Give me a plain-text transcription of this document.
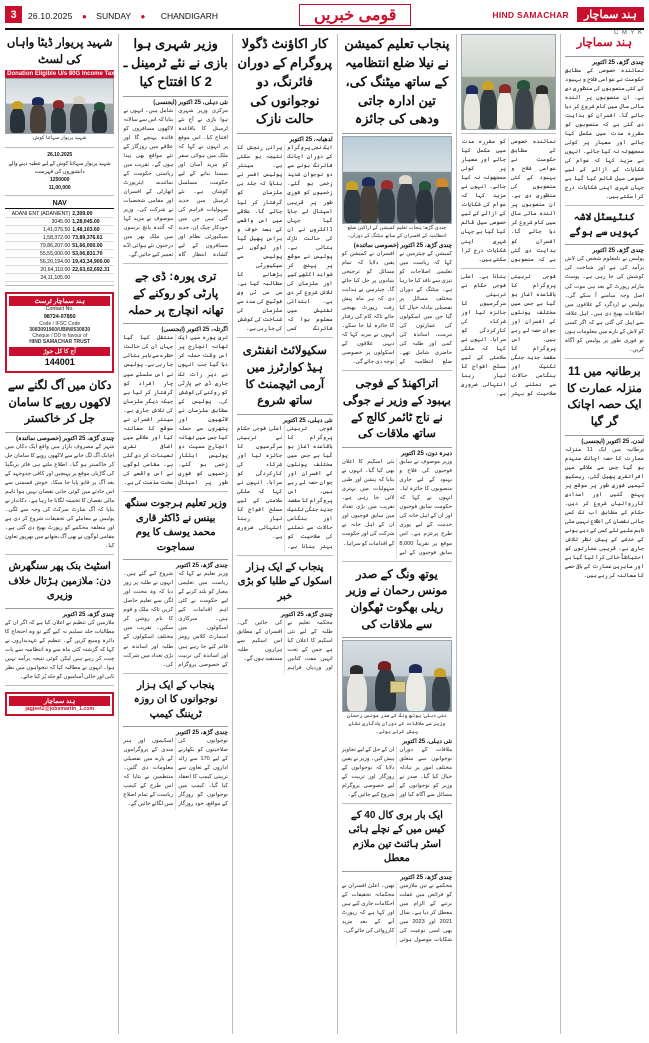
3	26.10.2025 ● SUNDAY ● CHANDIGARH	قومی خبریں	HIND SAMACHAR	ہند سماچار
C M Y K
شہید پریوار ڈیٹا واہاں کی لسٹ
Donation Eligible U/s 80G Income Tax
شہید پریوار سہائتا کوش
26.10.2025
شہید پریوار سہائتا کوش کے لیے عطیہ دینے والے دانشوروں کی فہرست
1250000
11,00,000
NAV
ADANI ENT (ADANIENT)	2,309.00
3045.00	1,28,045.00
1,41,075.50	1,48,103.60
1,58,372.00	73,89,376.61
79,86,207.00	51,66,000.00
55,55,000.00	53,06,831.70
56,20,194.00	19,43,34,900.00
20,64,110.00	22,63,02,692.31
24,11,105.00	
ہند سماچار ٹرسٹ
Contact No.
98724-07850
Code / IFSC Code
3083091960/UBIN0530830
Cheque / DD in favour of
HIND SAMACHAR TRUST
آج کا کل جوڑ
144001
دکان میں آگ لگنے سے لاکھوں روپے کا سامان جل کر خاکستر
چندی گڑھ، 25 اکتوبر (خصوصی نمائندہ)
شہر کے مصروف بازار میں واقع ایک دکان میں اچانک آگ لگ جانے سے لاکھوں روپے کا سامان جل کر خاکستر ہو گیا۔ اطلاع ملتے ہی فائر بریگیڈ کی گاڑیاں موقع پر پہنچیں اور کافی جدوجہد کے بعد آگ پر قابو پایا جا سکا۔ خوش قسمتی سے اس حادثے میں کوئی جانی نقصان نہیں ہوا تاہم مالی نقصان کا تخمینہ لگایا جا رہا ہے۔ دکاندار نے بتایا کہ آگ شارٹ سرکٹ کی وجہ سے لگی۔ پولیس نے معاملے کی تحقیقات شروع کر دی ہے اور متعلقہ محکمے کو رپورٹ بھیج دی گئی ہے۔ مقامی لوگوں نے بھی آگ بجھانے میں بھرپور تعاون کیا۔
اسٹیٹ بنک پھر سنگھرش دن: ملازمین ہڑتال خلاف وزیری
چندی گڑھ، 25 اکتوبر
ملازمین کی تنظیم نے اعلان کیا ہے کہ اگر ان کے مطالبات جلد تسلیم نہ کیے گئے تو وہ احتجاج کا دائرہ وسیع کریں گے۔ تنظیم کے عہدیداروں نے کہا کہ گزشتہ کئی ماہ سے وہ انتظامیہ سے بات چیت کر رہے ہیں لیکن کوئی نتیجہ برآمد نہیں ہوا۔ انہوں نے مطالبہ کیا کہ تنخواہوں میں نظر ثانی اور خالی آسامیوں کو جلد پُر کیا جائے۔
ہند سماچار
jagjeet2@jobsmartin_1.com
وزیر شہری ہوا بازی نے نئے ٹرمینل ـ 2 کا افتتاح کیا
نئی دہلی، 25 اکتوبر (ایجنسی)
مرکزی وزیر شہری ہوا بازی نے آج نئے ٹرمینل کا باقاعدہ افتتاح کیا۔ اس موقع پر انہوں نے کہا کہ ملک میں ہوائی سفر کو مزید آسان اور سستا بنانے کے لیے حکومت مسلسل کوشاں ہے۔ نئے ٹرمینل میں جدید سہولیات فراہم کی گئی ہیں جن میں خودکار چیک اِن، جدید سیکیورٹی نظام اور مسافروں کے لیے کشادہ انتظار گاہ شامل ہیں۔ انہوں نے بتایا کہ اس سے سالانہ لاکھوں مسافروں کو فائدہ پہنچے گا اور علاقے میں روزگار کے نئے مواقع بھی پیدا ہوں گے۔ تقریب میں ریاستی حکومت کے نمائندے، ایئرپورٹ اتھارٹی کے افسران اور مقامی شخصیات نے شرکت کی۔ وزیر موصوف نے مزید کہا کہ آئندہ پانچ برسوں میں ملک بھر میں درجنوں نئے ہوائی اڈے تعمیر کیے جائیں گے۔
تری پورہ: ڈی جے پارٹی کو روکنے کے تھانہ انچارج پر حملہ
اگرتلہ، 25 اکتوبر (ایجنسی)
تری پورہ میں ایک تھانہ انچارج پر اس وقت حملہ کر دیا گیا جب انہوں نے دیر رات تک جاری ڈی جے پارٹی کو روکنے کی کوشش کی۔ پولیس کے مطابق ملزمان نے لاٹھیوں اور پتھروں سے حملہ کیا جس میں تھانہ انچارج سمیت دو پولیس اہلکار زخمی ہو گئے۔ زخمیوں کو فوری طور پر اسپتال منتقل کیا گیا جہاں ان کی حالت خطرے سے باہر بتائی جا رہی ہے۔ پولیس نے اس سلسلے میں چار افراد کو گرفتار کر لیا ہے جبکہ دیگر ملزمان کی تلاش جاری ہے۔ سینئر افسران نے موقع کا معائنہ کیا اور علاقے میں اضافی نفری تعینات کر دی گئی ہے۔ مقامی لوگوں نے اس واقعے کی سخت مذمت کی ہے۔
وزیر تعلیم ہرجوت سنگھ بینس نے ڈاکٹر قاری محمد یوسف کا یوم سماجوت
چندی گڑھ، 25 اکتوبر
وزیر تعلیم نے کہا کہ ریاست میں تعلیمی معیار کو بلند کرنے کے لیے حکومت نے کئی اہم اقدامات کیے ہیں۔ سرکاری اسکولوں میں اسمارٹ کلاس رومز قائم کیے جا رہے ہیں اور اساتذہ کی تربیت کے خصوصی پروگرام شروع کیے گئے ہیں۔ انہوں نے طلبہ پر زور دیا کہ وہ محنت اور لگن سے تعلیم حاصل کریں تاکہ ملک و قوم کا نام روشن کر سکیں۔ تقریب میں مختلف اسکولوں کے طلبہ اور اساتذہ نے بڑی تعداد میں شرکت کی۔
پنجاب کے ایک ہزار نوجوانوں کا ان روزہ ٹریننگ کیمپ
چندی گڑھ، 25 اکتوبر
نوجوانوں کی صلاحیتوں کو نکھارنے کے لیے 170 سے زائد اداروں کے تعاون سے تربیتی کیمپ کا انعقاد کیا گیا۔ کیمپ میں نوجوانوں کو روزگار کے مواقع، خود روزگار اسکیموں اور ہنر مندی کے پروگراموں کے بارے میں تفصیلی معلومات دی گئیں۔ منتظمین نے بتایا کہ اس طرح کے کیمپ ریاست کے تمام اضلاع میں لگائے جائیں گے۔
کار اکاؤنٹ ڈگولا پروگرام کے دوران فائرنگ، دو نوجوانوں کی حالت نازک
لدھیانہ، 25 اکتوبر
ایک نجی پروگرام کے دوران اچانک فائرنگ ہونے سے دو نوجوان شدید زخمی ہو گئے۔ زخمیوں کو فوری طور پر قریبی اسپتال لے جایا گیا جہاں ڈاکٹروں نے ان کی حالت نازک بتائی ہے۔ پولیس نے موقع پر پہنچ کر شواہد اکٹھے کیے اور ملزمان کی تلاش شروع کر دی ہے۔ ابتدائی تفتیش میں معلوم ہوا کہ فائرنگ کسی پرانی رنجش کا نتیجہ ہو سکتی ہے۔ سینئر پولیس افسر نے بتایا کہ جلد ہی ملزمان کو گرفتار کر لیا جائے گا۔ علاقے میں اس واقعے کے بعد خوف و ہراس پھیل گیا اور لوگوں نے پولیس سے سیکیورٹی بڑھانے کا مطالبہ کیا ہے۔ سی سی ٹی وی فوٹیج کی مدد سے ملزمان کی شناخت کی کوشش کی جا رہی ہے۔
سکیولائٹ انفنٹری ہیڈ کوارٹرز میں آرمی اٹیچمنٹ کا ساتھ شروع
نئی دہلی، 25 اکتوبر
فوجی تربیتی پروگرام کا باقاعدہ آغاز ہو گیا ہے جس میں مختلف یونٹوں کے افسران اور جوان حصہ لے رہے ہیں۔ اس پروگرام کا مقصد جدید جنگی تکنیک اور ہنگامی حالات سے نمٹنے کی صلاحیت کو بہتر بنانا ہے۔ اعلیٰ فوجی حکام نے تربیتی سرگرمیوں کا جائزہ لیا اور شرکاء کی کارکردگی کو سراہا۔ انہوں نے کہا کہ ملکی سلامتی کے لیے مسلح افواج کا تیار رہنا انتہائی ضروری ہے۔
پنجاب کے ایک ہزار اسکول کے طلبا کو بڑی خبر
چندی گڑھ، 25 اکتوبر
محکمہ تعلیم نے طلبہ کے لیے نئی اسکیم کا اعلان کیا ہے جس کے تحت انہیں مفت کتابیں اور وردیاں فراہم کی جائیں گی۔ افسران کے مطابق اس اسکیم سے ہزاروں طلبہ مستفید ہوں گے۔
پنجاب تعلیم کمیشن نے نیلا ضلع انتظامیہ کے ساتھ میٹنگ کی، تین ادارہ جاتی ودھی کی جائزہ
چندی گڑھ: پنجاب تعلیم کمیشن کے اراکین ضلع انتظامیہ کے افسران کے ساتھ میٹنگ کے دوران۔
چندی گڑھ، 25 اکتوبر (خصوصی نمائندہ)
کمیشن کے چیئرمین نے کہا کہ ریاست میں تعلیمی اصلاحات کو تیزی سے نافذ کیا جا رہا ہے۔ میٹنگ کے دوران مختلف مسائل پر تفصیلی تبادلہ خیال کیا گیا جن میں اسکولوں کی عمارتوں کی مرمت، اساتذہ کی کمی اور طلبہ کی حاضری شامل تھے۔ ضلع انتظامیہ کے افسران نے کمیشن کو یقین دلایا کہ تمام مسائل کو ترجیحی بنیادوں پر حل کیا جائے گا۔ چیئرمین نے ہدایت دی کہ ہر ماہ پیش رفت رپورٹ بھیجی جائے تاکہ کام کی رفتار کا جائزہ لیا جا سکے۔ انہوں نے مزید کہا کہ دیہی علاقوں کے اسکولوں پر خصوصی توجہ دی جائے گی۔
اتراکھنڈ کے فوجی بہبود کے وزیر نے جوگی نے ناج ٹائمر کالج کے ساتھ ملاقات کی
دہرہ دون، 25 اکتوبر
وزیر موصوف نے سابق فوجیوں کی فلاح و بہبود کے لیے جاری منصوبوں کا جائزہ لیا۔ انہوں نے کہا کہ حکومت سابق فوجیوں اور ان کے اہل خانہ کی خدمت کے لیے پوری طرح پرعزم ہے۔ اس موقع پر تقریباً 8,000 سابق فوجیوں کے لیے نئی اسکیم کا اعلان بھی کیا گیا۔ انہوں نے بتایا کہ پنشن اور طبی سہولیات میں بہتری لائی جا رہی ہے۔ تقریب میں بڑی تعداد میں سابق فوجیوں اور ان کے اہل خانہ نے شرکت کی اور حکومت کے اقدامات کو سراہا۔
یوتھ ونگ کے صدر مونس رحمان نے وزیر ریلی بھگوت ٹھگوان سے ملاقات کی
نئی دہلی: یوتھ ونگ کے صدر مونس رحمان وزیر سے ملاقات کے دوران یادگاری نشان پیش کرتے ہوئے۔
نئی دہلی، 25 اکتوبر
ملاقات کے دوران نوجوانوں سے متعلق مختلف امور پر تبادلہ خیال کیا گیا۔ صدر نے وزیر کو نوجوانوں کے مسائل سے آگاہ کیا اور ان کے حل کے لیے تجاویز پیش کیں۔ وزیر نے یقین دلایا کہ نوجوانوں کے روزگار اور تربیت کے لیے خصوصی پروگرام شروع کیے جائیں گے۔
ایک بار بری کال 40 کے کیس میں کے نچلے ہائی اسٹر ہائنٹ تین ملازم معطل
چندی گڑھ، 25 اکتوبر
محکمے نے تین ملازمین کو فرائض میں غفلت برتنے کے الزام میں معطل کر دیا ہے۔ سال 2021 اور 2023 میں بھی اسی نوعیت کی شکایات موصول ہوئی تھیں۔ اعلیٰ افسران نے محکمانہ تحقیقات کے احکامات جاری کیے ہیں اور کہا ہے کہ رپورٹ آنے کے بعد مزید کارروائی کی جائے گی۔
نمائندہ خصوصی کے مطابق حکومت نے عوامی فلاح و بہبود کے کئی منصوبوں کی منظوری دی ہے۔ ان منصوبوں پر آئندہ مالی سال میں کام شروع کر دیا جائے گا۔ افسران کو ہدایت دی گئی ہے کہ منصوبوں کو مقررہ مدت میں مکمل کیا جائے اور معیار پر کوئی سمجھوتہ نہ کیا جائے۔ انہوں نے مزید کہا کہ عوام کی شکایات کے ازالے کے لیے خصوصی سیل قائم کیا گیا ہے جہاں شہری اپنی شکایات درج کرا سکتے ہیں۔
فوجی تربیتی پروگرام کا باقاعدہ آغاز ہو گیا ہے جس میں مختلف یونٹوں کے افسران اور جوان حصہ لے رہے ہیں۔ اس پروگرام کا مقصد جدید جنگی تکنیک اور ہنگامی حالات سے نمٹنے کی صلاحیت کو بہتر بنانا ہے۔ اعلیٰ فوجی حکام نے تربیتی سرگرمیوں کا جائزہ لیا اور شرکاء کی کارکردگی کو سراہا۔ انہوں نے کہا کہ ملکی سلامتی کے لیے مسلح افواج کا تیار رہنا انتہائی ضروری ہے۔
ہند سماچار
چندی گڑھ، 25 اکتوبر
نمائندہ خصوصی کے مطابق حکومت نے عوامی فلاح و بہبود کے کئی منصوبوں کی منظوری دی ہے۔ ان منصوبوں پر آئندہ مالی سال میں کام شروع کر دیا جائے گا۔ افسران کو ہدایت دی گئی ہے کہ منصوبوں کو مقررہ مدت میں مکمل کیا جائے اور معیار پر کوئی سمجھوتہ نہ کیا جائے۔ انہوں نے مزید کہا کہ عوام کی شکایات کے ازالے کے لیے خصوصی سیل قائم کیا گیا ہے جہاں شہری اپنی شکایات درج کرا سکتے ہیں۔
کنٹیسٹل لاشہ کہویں سے ہوگے
چندی گڑھ، 25 اکتوبر
پولیس نے نامعلوم شخص کی لاش برآمد کی ہے اور شناخت کی کوشش کی جا رہی ہے۔ پوسٹ مارٹم رپورٹ کے بعد ہی موت کی اصل وجہ سامنے آ سکے گی۔ پولیس نے اردگرد کے علاقوں میں اطلاعات بھیج دی ہیں۔ اہل علاقہ سے اپیل کی گئی ہے کہ اگر کسی کو لاش کے بارے میں معلومات ہوں تو فوری طور پر پولیس کو آگاہ کریں۔
برطانیہ میں 11 منزلہ عمارت کا ایک حصہ اچانک گر گیا
لندن، 25 اکتوبر (ایجنسی)
برطانیہ میں ایک 11 منزلہ عمارت کا حصہ اچانک منہدم ہو گیا جس سے علاقے میں افراتفری پھیل گئی۔ ریسکیو ٹیمیں فوری طور پر موقع پر پہنچ گئیں اور امدادی کارروائیاں شروع کر دیں۔ حکام کے مطابق اب تک کسی جانی نقصان کی اطلاع نہیں ملی تاہم ملبے تلے کسی کے دبے ہونے کے خدشے کے پیش نظر تلاش جاری ہے۔ قریبی عمارتوں کو احتیاطاً خالی کرا لیا گیا ہے اور ماہرین عمارت کے باقی حصے کا معائنہ کر رہے ہیں۔
